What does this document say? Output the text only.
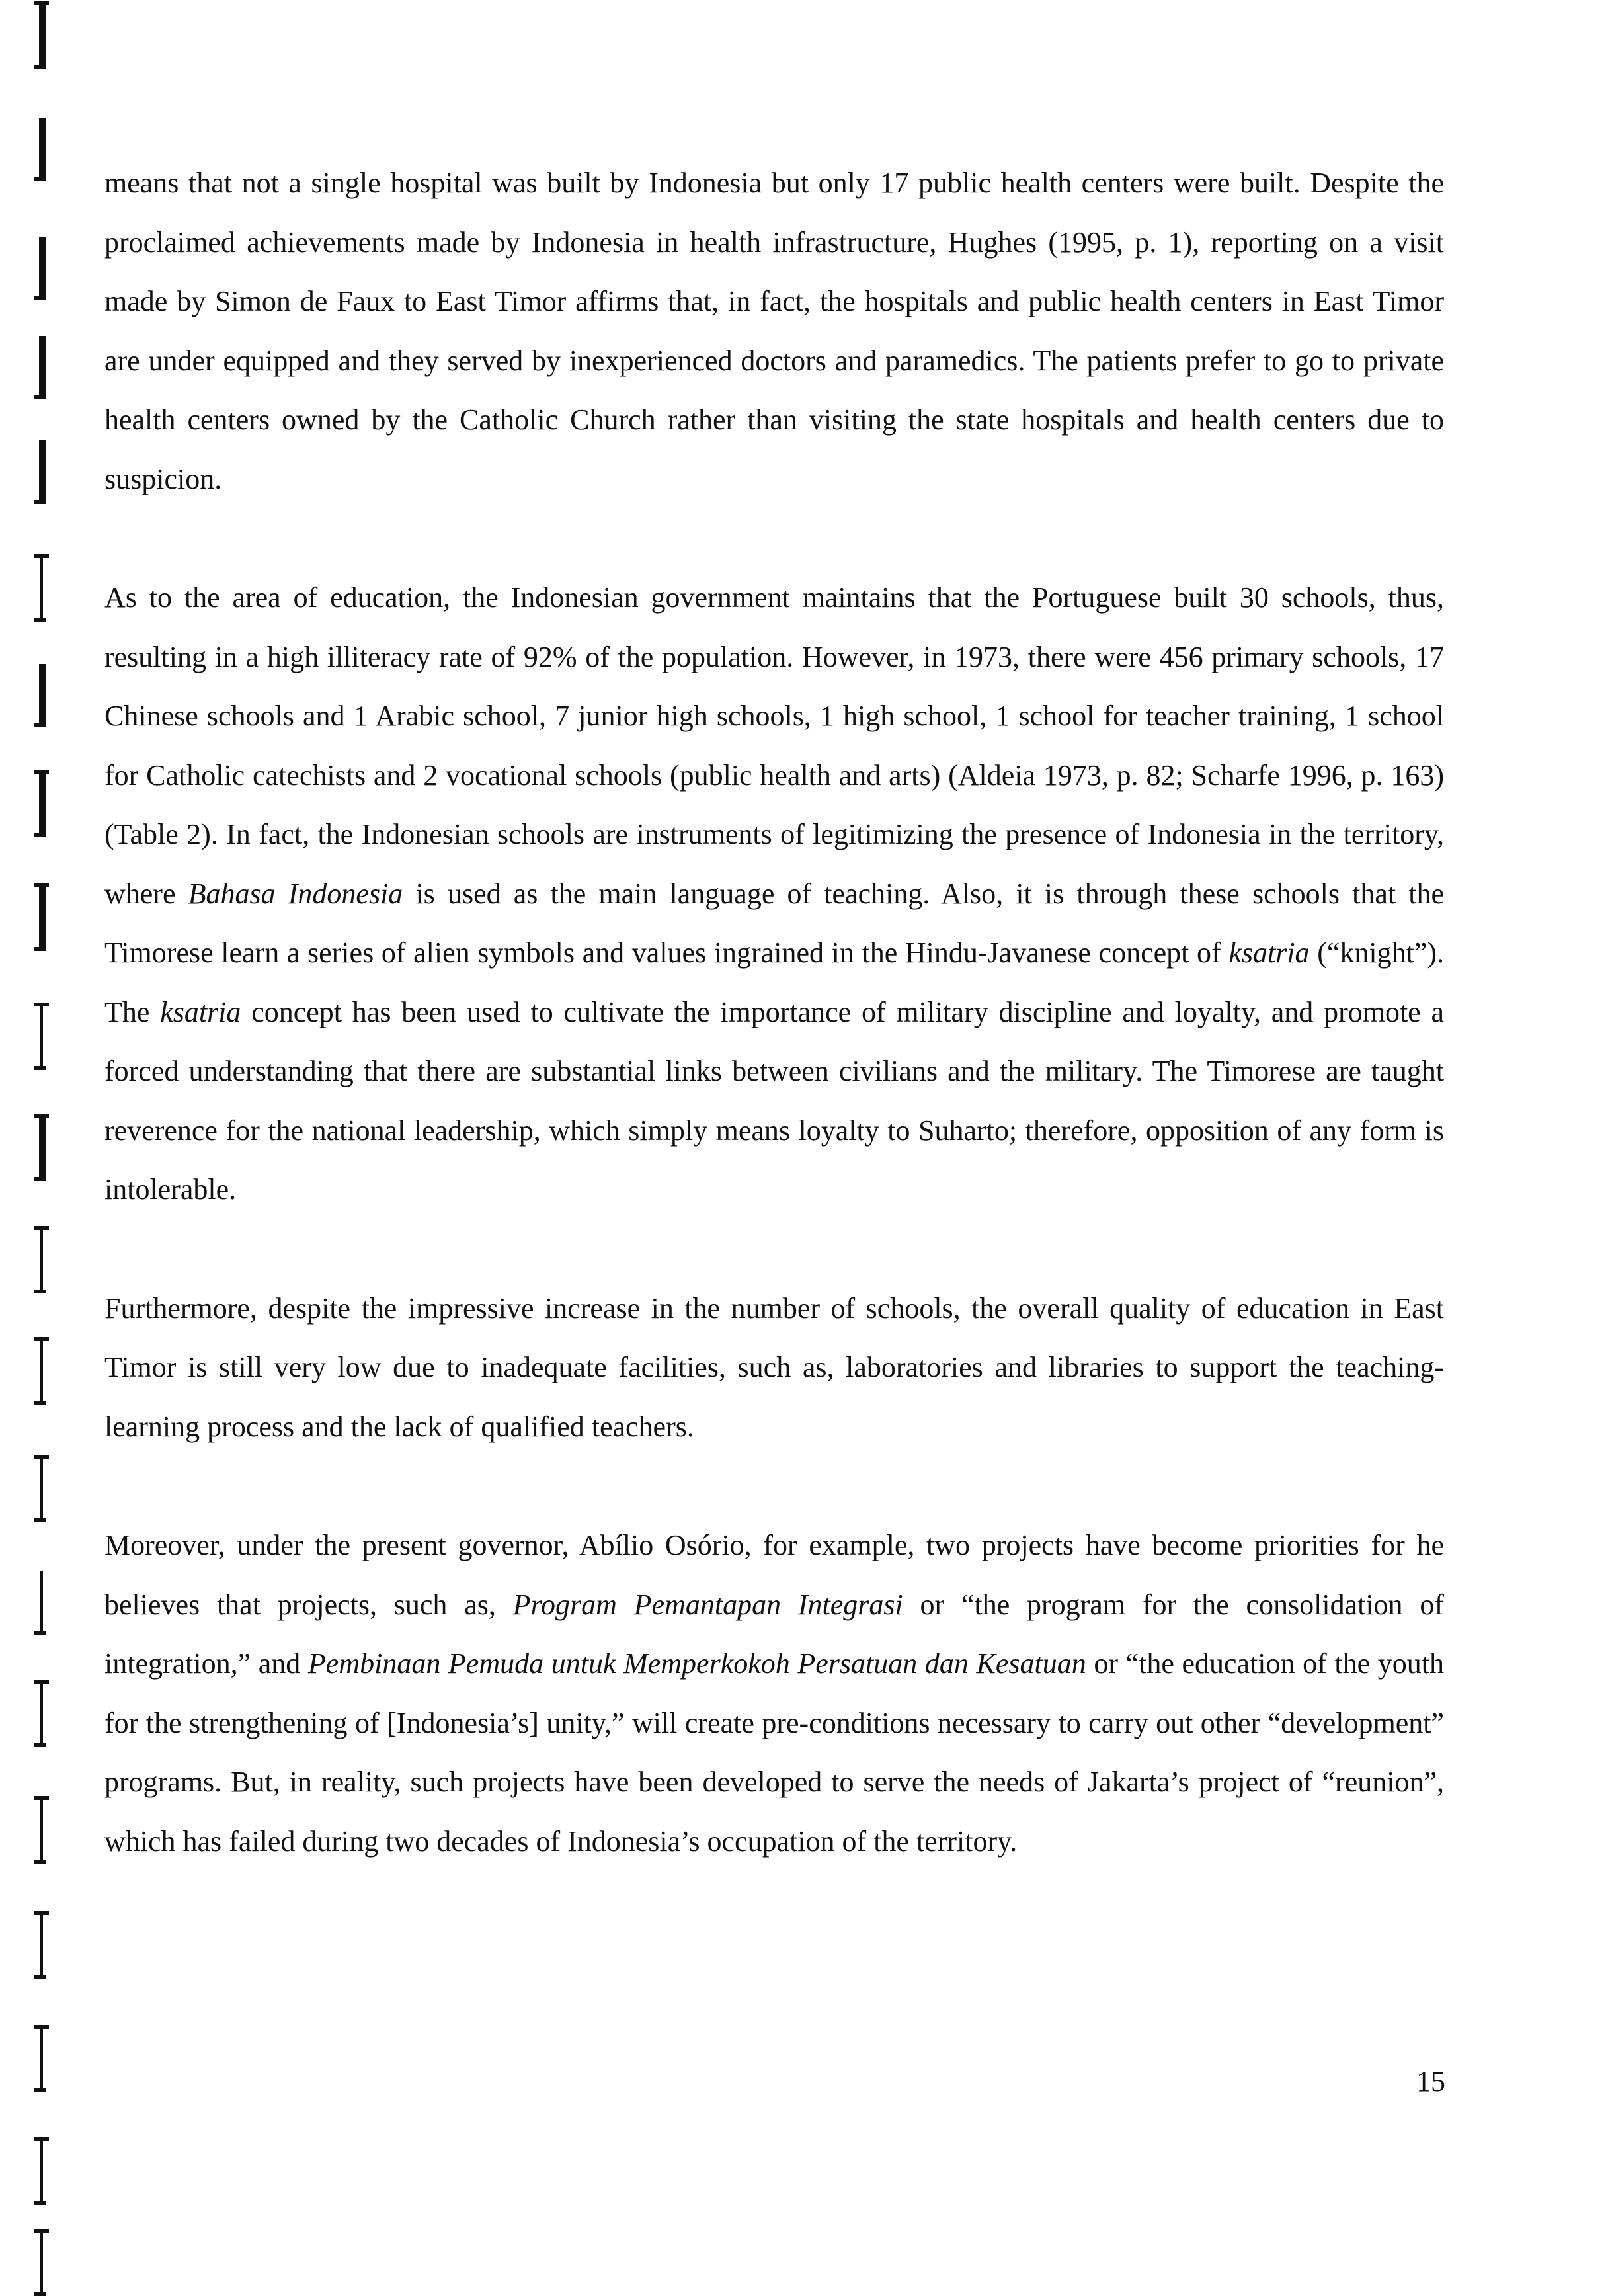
means that not a single hospital was built by Indonesia but only 17 public health centers were built. Despite the proclaimed achievements made by Indonesia in health infrastructure, Hughes (1995, p. 1), reporting on a visit made by Simon de Faux to East Timor affirms that, in fact, the hospitals and public health centers in East Timor are under equipped and they served by inexperienced doctors and paramedics. The patients prefer to go to private health centers owned by the Catholic Church rather than visiting the state hospitals and health centers due to suspicion.

As to the area of education, the Indonesian government maintains that the Portuguese built 30 schools, thus, resulting in a high illiteracy rate of 92% of the population. However, in 1973, there were 456 primary schools, 17 Chinese schools and 1 Arabic school, 7 junior high schools, 1 high school, 1 school for teacher training, 1 school for Catholic catechists and 2 vocational schools (public health and arts) (Aldeia 1973, p. 82; Scharfe 1996, p. 163) (Table 2). In fact, the Indonesian schools are instruments of legitimizing the presence of Indonesia in the territory, where Bahasa Indonesia is used as the main language of teaching. Also, it is through these schools that the Timorese learn a series of alien symbols and values ingrained in the Hindu-Javanese concept of ksatria (“knight”). The ksatria concept has been used to cultivate the importance of military discipline and loyalty, and promote a forced understanding that there are substantial links between civilians and the military. The Timorese are taught reverence for the national leadership, which simply means loyalty to Suharto; therefore, opposition of any form is intolerable.

Furthermore, despite the impressive increase in the number of schools, the overall quality of education in East Timor is still very low due to inadequate facilities, such as, laboratories and libraries to support the teaching-learning process and the lack of qualified teachers.

Moreover, under the present governor, Abílio Osório, for example, two projects have become priorities for he believes that projects, such as, Program Pemantapan Integrasi or “the program for the consolidation of integration,” and Pembinaan Pemuda untuk Memperkokoh Persatuan dan Kesatuan or “the education of the youth for the strengthening of [Indonesia’s] unity,” will create pre-conditions necessary to carry out other “development” programs. But, in reality, such projects have been developed to serve the needs of Jakarta’s project of “reunion”, which has failed during two decades of Indonesia’s occupation of the territory.

15
